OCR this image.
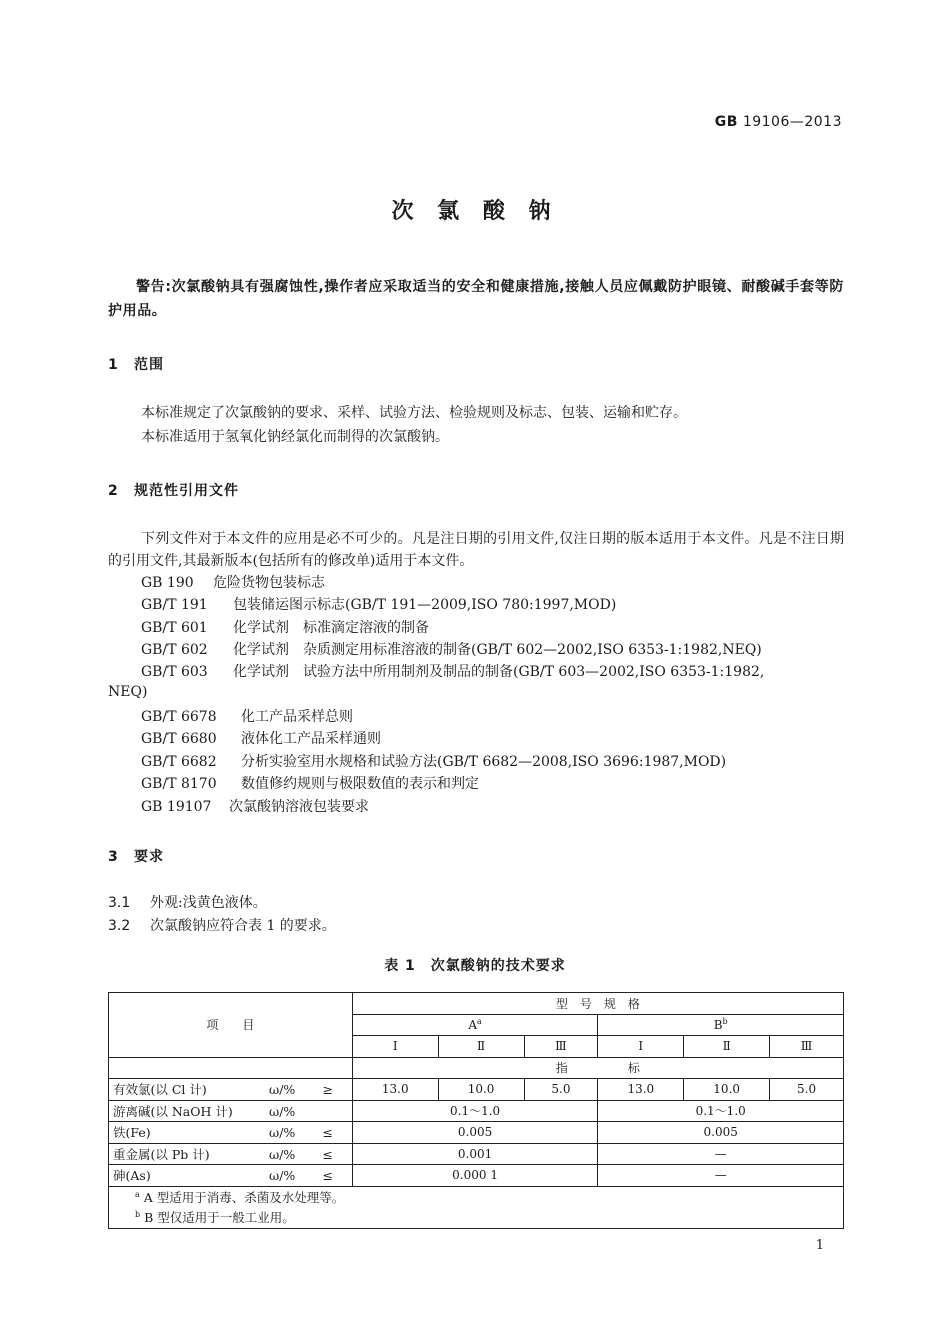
GB 19106—2013
次 氯 酸 钠
警告:次氯酸钠具有强腐蚀性,操作者应采取适当的安全和健康措施,接触人员应佩戴防护眼镜、耐酸碱手套等防护用品。
1 范围
本标准规定了次氯酸钠的要求、采样、试验方法、检验规则及标志、包装、运输和贮存。
本标准适用于氢氧化钠经氯化而制得的次氯酸钠。
2 规范性引用文件
下列文件对于本文件的应用是必不可少的。凡是注日期的引用文件,仅注日期的版本适用于本文件。凡是不注日期的引用文件,其最新版本(包括所有的修改单)适用于本文件。
GB 190 危险货物包装标志
GB/T 191 包装储运图示标志(GB/T 191—2009,ISO 780:1997,MOD)
GB/T 601 化学试剂　标准滴定溶液的制备
GB/T 602 化学试剂　杂质测定用标准溶液的制备(GB/T 602—2002,ISO 6353-1:1982,NEQ)
GB/T 603 化学试剂　试验方法中所用制剂及制品的制备(GB/T 603—2002,ISO 6353-1:1982,
NEQ)
GB/T 6678 化工产品采样总则
GB/T 6680 液体化工产品采样通则
GB/T 6682 分析实验室用水规格和试验方法(GB/T 6682—2008,ISO 3696:1987,MOD)
GB/T 8170 数值修约规则与极限数值的表示和判定
GB 19107 次氯酸钠溶液包装要求
3 要求
3.1 外观:浅黄色液体。
3.2 次氯酸钠应符合表 1 的要求。
表 1　次氯酸钠的技术要求
项　　目	型　号　规　格					
	$A^a$			$B^b$
	Ⅰ	Ⅱ	Ⅲ	Ⅰ	Ⅱ	Ⅲ
	指　　　　　标					
有效氯(以 Cl 计) ω/% ≥	13.0	10.0	5.0	13.0	10.0	5.0
游离碱(以 NaOH 计) ω/%	0.1～1.0			0.1～1.0		
铁(Fe) ω/% ≤	0.005			0.005		
重金属(以 Pb 计) ω/% ≤	0.001			—		
砷(As) ω/% ≤	0.000 1			—		
$^a$ A 型适用于消毒、杀菌及水处理等。						
$^b$ B 型仅适用于一般工业用。						
1
